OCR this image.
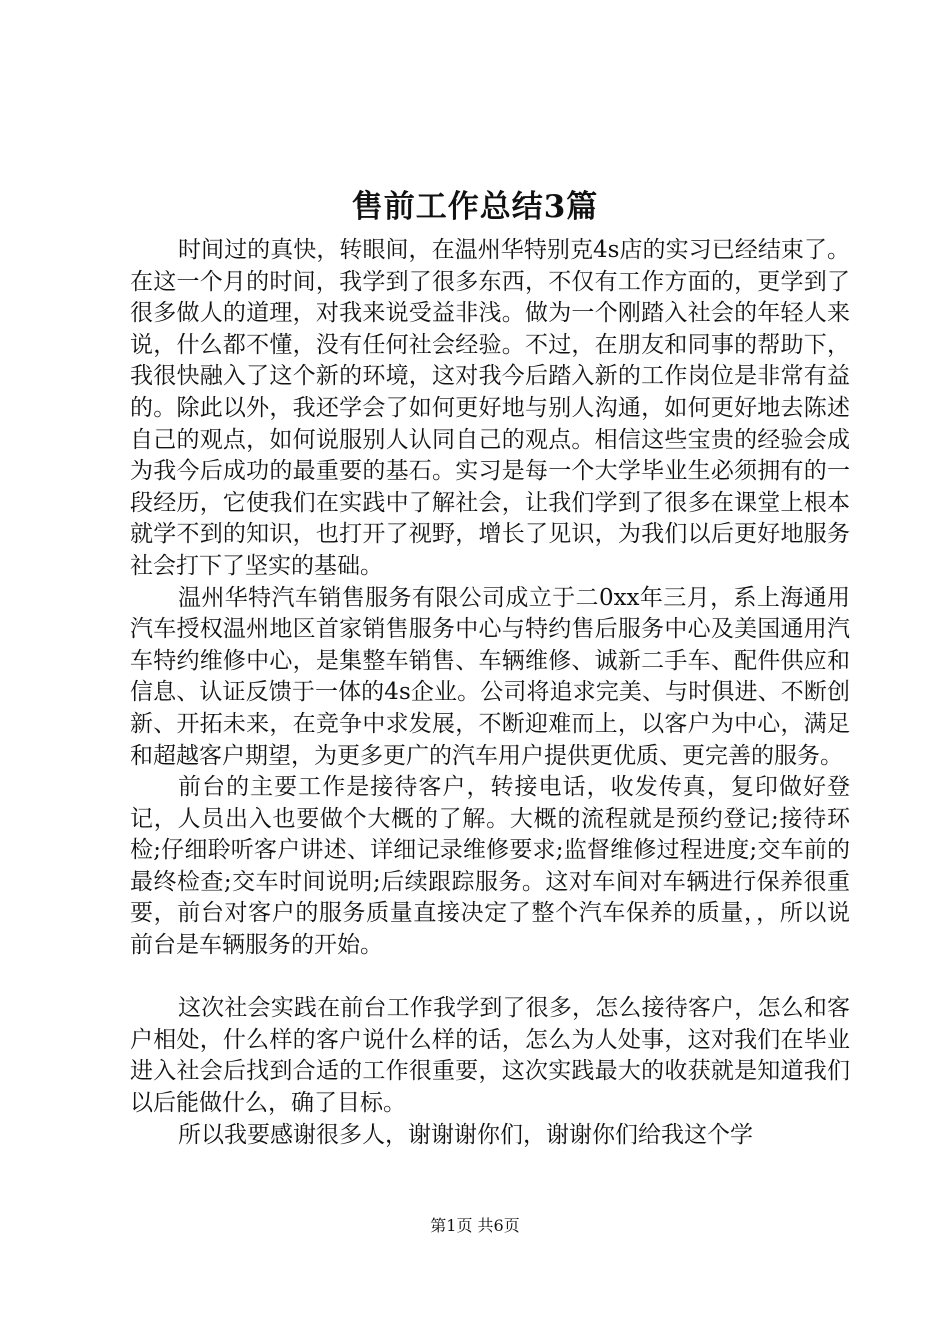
售前工作总结3篇

时间过的真快，转眼间，在温州华特别克4s店的实习已经结束了。在这一个月的时间，我学到了很多东西，不仅有工作方面的，更学到了很多做人的道理，对我来说受益非浅。做为一个刚踏入社会的年轻人来说，什么都不懂，没有任何社会经验。不过，在朋友和同事的帮助下，我很快融入了这个新的环境，这对我今后踏入新的工作岗位是非常有益的。除此以外，我还学会了如何更好地与别人沟通，如何更好地去陈述自己的观点，如何说服别人认同自己的观点。相信这些宝贵的经验会成为我今后成功的最重要的基石。实习是每一个大学毕业生必须拥有的一段经历，它使我们在实践中了解社会，让我们学到了很多在课堂上根本就学不到的知识，也打开了视野，增长了见识，为我们以后更好地服务社会打下了坚实的基础。

温州华特汽车销售服务有限公司成立于二0xx年三月，系上海通用汽车授权温州地区首家销售服务中心与特约售后服务中心及美国通用汽车特约维修中心，是集整车销售、车辆维修、诚新二手车、配件供应和信息、认证反馈于一体的4s企业。公司将追求完美、与时俱进、不断创新、开拓未来，在竞争中求发展，不断迎难而上，以客户为中心，满足和超越客户期望，为更多更广的汽车用户提供更优质、更完善的服务。

前台的主要工作是接待客户，转接电话，收发传真，复印做好登记，人员出入也要做个大概的了解。大概的流程就是预约登记;接待环检;仔细聆听客户讲述、详细记录维修要求;监督维修过程进度;交车前的最终检查;交车时间说明;后续跟踪服务。这对车间对车辆进行保养很重要，前台对客户的服务质量直接决定了整个汽车保养的质量，，所以说前台是车辆服务的开始。

这次社会实践在前台工作我学到了很多，怎么接待客户，怎么和客户相处，什么样的客户说什么样的话，怎么为人处事，这对我们在毕业进入社会后找到合适的工作很重要，这次实践最大的收获就是知道我们以后能做什么，确了目标。

所以我要感谢很多人，谢谢谢你们，谢谢你们给我这个学

第1页 共6页
